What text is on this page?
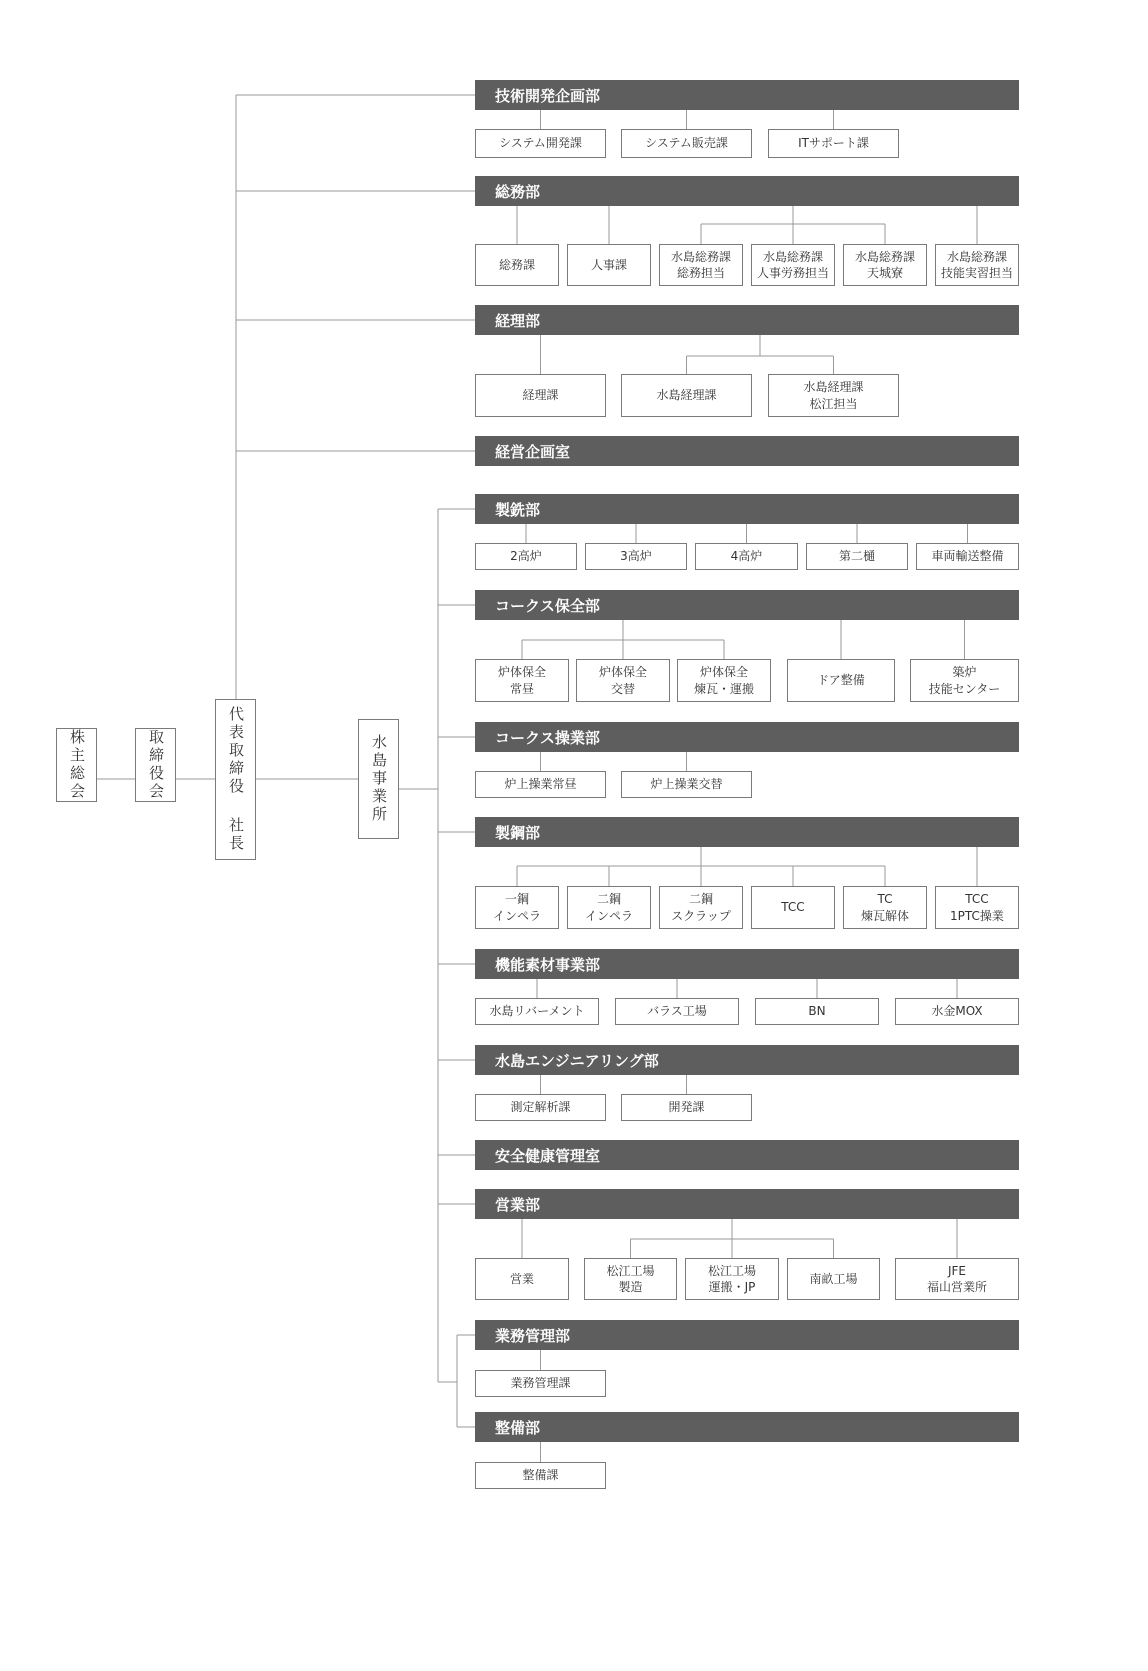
株主総会	取締役会	代表取締役 社長	水島事業所
技術開発企画部
システム開発課	システム販売課	ITサポート課
総務部
総務課	人事課
水島総務課
総務担当
水島総務課
人事労務担当
水島総務課
天城寮
水島総務課
技能実習担当
経理部
経理課	水島経理課
水島経理課
松江担当
経営企画室
製銑部
2高炉	3高炉	4高炉	第二樋	車両輸送整備
コークス保全部
炉体保全
常昼
炉体保全
交替
炉体保全
煉瓦・運搬
ドア整備
築炉
技能センター
コークス操業部
炉上操業常昼	炉上操業交替
製鋼部
一鋼
インペラ
二鋼
インペラ
二鋼
スクラップ
TCC
TC
煉瓦解体
TCC
1PTC操業
機能素材事業部
水島リバーメント	バラス工場	BN	水金MOX
水島エンジニアリング部
測定解析課	開発課
安全健康管理室
営業部
営業
松江工場
製造
松江工場
運搬・JP
南畝工場
JFE
福山営業所
業務管理部
業務管理課
整備部
整備課
